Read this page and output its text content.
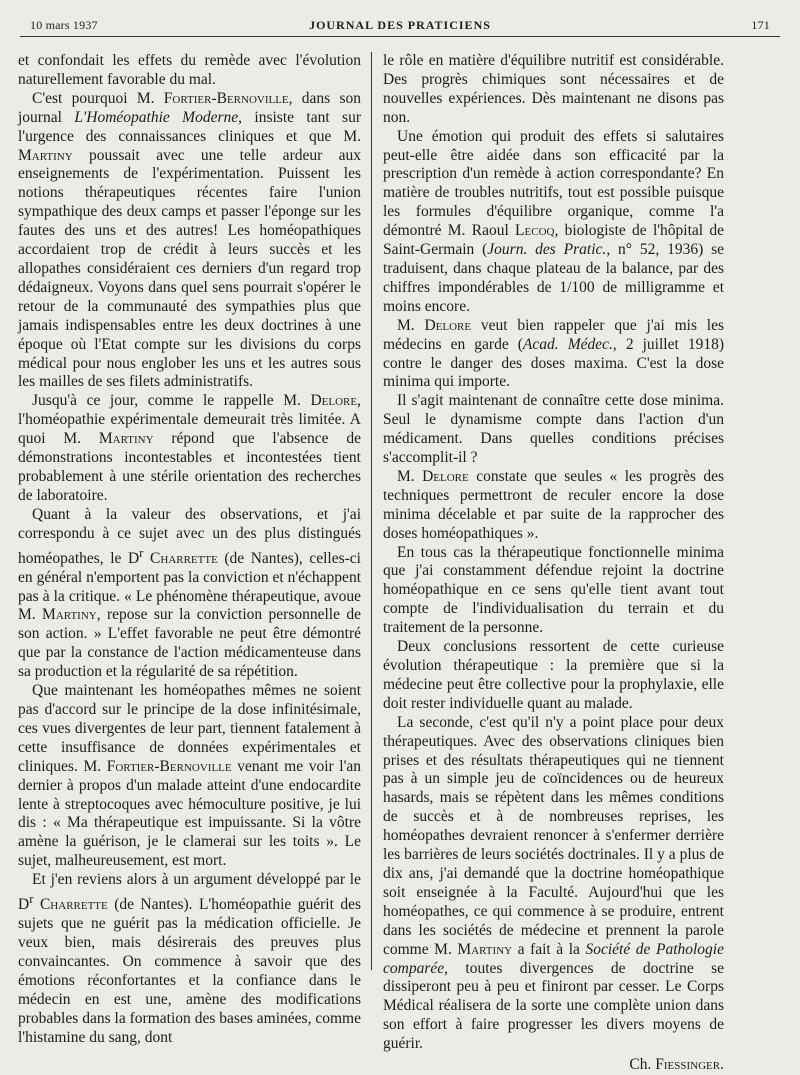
10 mars 1937	JOURNAL DES PRATICIENS	171

et confondait les effets du remède avec l'évolution naturellement favorable du mal.

C'est pourquoi M. Fortier-Bernoville, dans son journal L'Homéopathie Moderne, insiste tant sur l'urgence des connaissances cliniques et que M. Martiny poussait avec une telle ardeur aux enseignements de l'expérimentation. Puissent les notions thérapeutiques récentes faire l'union sympathique des deux camps et passer l'éponge sur les fautes des uns et des autres! Les homéopathiques accordaient trop de crédit à leurs succès et les allopathes considéraient ces derniers d'un regard trop dédaigneux. Voyons dans quel sens pourrait s'opérer le retour de la communauté des sympathies plus que jamais indispensables entre les deux doctrines à une époque où l'Etat compte sur les divisions du corps médical pour nous englober les uns et les autres sous les mailles de ses filets administratifs.

Jusqu'à ce jour, comme le rappelle M. Delore, l'homéopathie expérimentale demeurait très limitée. A quoi M. Martiny répond que l'absence de démonstrations incontestables et incontestées tient probablement à une stérile orientation des recherches de laboratoire.

Quant à la valeur des observations, et j'ai correspondu à ce sujet avec un des plus distingués homéopathes, le $D^r$ Charrette (de Nantes), celles-ci en général n'emportent pas la conviction et n'échappent pas à la critique. « Le phénomène thérapeutique, avoue M. Martiny, repose sur la conviction personnelle de son action. » L'effet favorable ne peut être démontré que par la constance de l'action médicamenteuse dans sa production et la régularité de sa répétition.

Que maintenant les homéopathes mêmes ne soient pas d'accord sur le principe de la dose infinitésimale, ces vues divergentes de leur part, tiennent fatalement à cette insuffisance de données expérimentales et cliniques. M. Fortier-Bernoville venant me voir l'an dernier à propos d'un malade atteint d'une endocardite lente à streptocoques avec hémoculture positive, je lui dis : « Ma thérapeutique est impuissante. Si la vôtre amène la guérison, je le clamerai sur les toits ». Le sujet, malheureusement, est mort.

Et j'en reviens alors à un argument développé par le $D^r$ Charrette (de Nantes). L'homéopathie guérit des sujets que ne guérit pas la médication officielle. Je veux bien, mais désirerais des preuves plus convaincantes. On commence à savoir que des émotions réconfortantes et la confiance dans le médecin en est une, amène des modifications probables dans la formation des bases aminées, comme l'histamine du sang, dont

le rôle en matière d'équilibre nutritif est considérable. Des progrès chimiques sont nécessaires et de nouvelles expériences. Dès maintenant ne disons pas non.

Une émotion qui produit des effets si salutaires peut-elle être aidée dans son efficacité par la prescription d'un remède à action correspondante? En matière de troubles nutritifs, tout est possible puisque les formules d'équilibre organique, comme l'a démontré M. Raoul Lecoq, biologiste de l'hôpital de Saint-Germain (Journ. des Pratic., n° 52, 1936) se traduisent, dans chaque plateau de la balance, par des chiffres impondérables de 1/100 de milligramme et moins encore.

M. Delore veut bien rappeler que j'ai mis les médecins en garde (Acad. Médec., 2 juillet 1918) contre le danger des doses maxima. C'est la dose minima qui importe.

Il s'agit maintenant de connaître cette dose minima. Seul le dynamisme compte dans l'action d'un médicament. Dans quelles conditions précises s'accomplit-il ?

M. Delore constate que seules « les progrès des techniques permettront de reculer encore la dose minima décelable et par suite de la rapprocher des doses homéopathiques ».

En tous cas la thérapeutique fonctionnelle minima que j'ai constamment défendue rejoint la doctrine homéopathique en ce sens qu'elle tient avant tout compte de l'individualisation du terrain et du traitement de la personne.

Deux conclusions ressortent de cette curieuse évolution thérapeutique : la première que si la médecine peut être collective pour la prophylaxie, elle doit rester individuelle quant au malade.

La seconde, c'est qu'il n'y a point place pour deux thérapeutiques. Avec des observations cliniques bien prises et des résultats thérapeutiques qui ne tiennent pas à un simple jeu de coïncidences ou de heureux hasards, mais se répètent dans les mêmes conditions de succès et à de nombreuses reprises, les homéopathes devraient renoncer à s'enfermer derrière les barrières de leurs sociétés doctrinales. Il y a plus de dix ans, j'ai demandé que la doctrine homéopathique soit enseignée à la Faculté. Aujourd'hui que les homéopathes, ce qui commence à se produire, entrent dans les sociétés de médecine et prennent la parole comme M. Martiny a fait à la Société de Pathologie comparée, toutes divergences de doctrine se dissiperont peu à peu et finiront par cesser. Le Corps Médical réalisera de la sorte une complète union dans son effort à faire progresser les divers moyens de guérir.

Ch. Fiessinger.
